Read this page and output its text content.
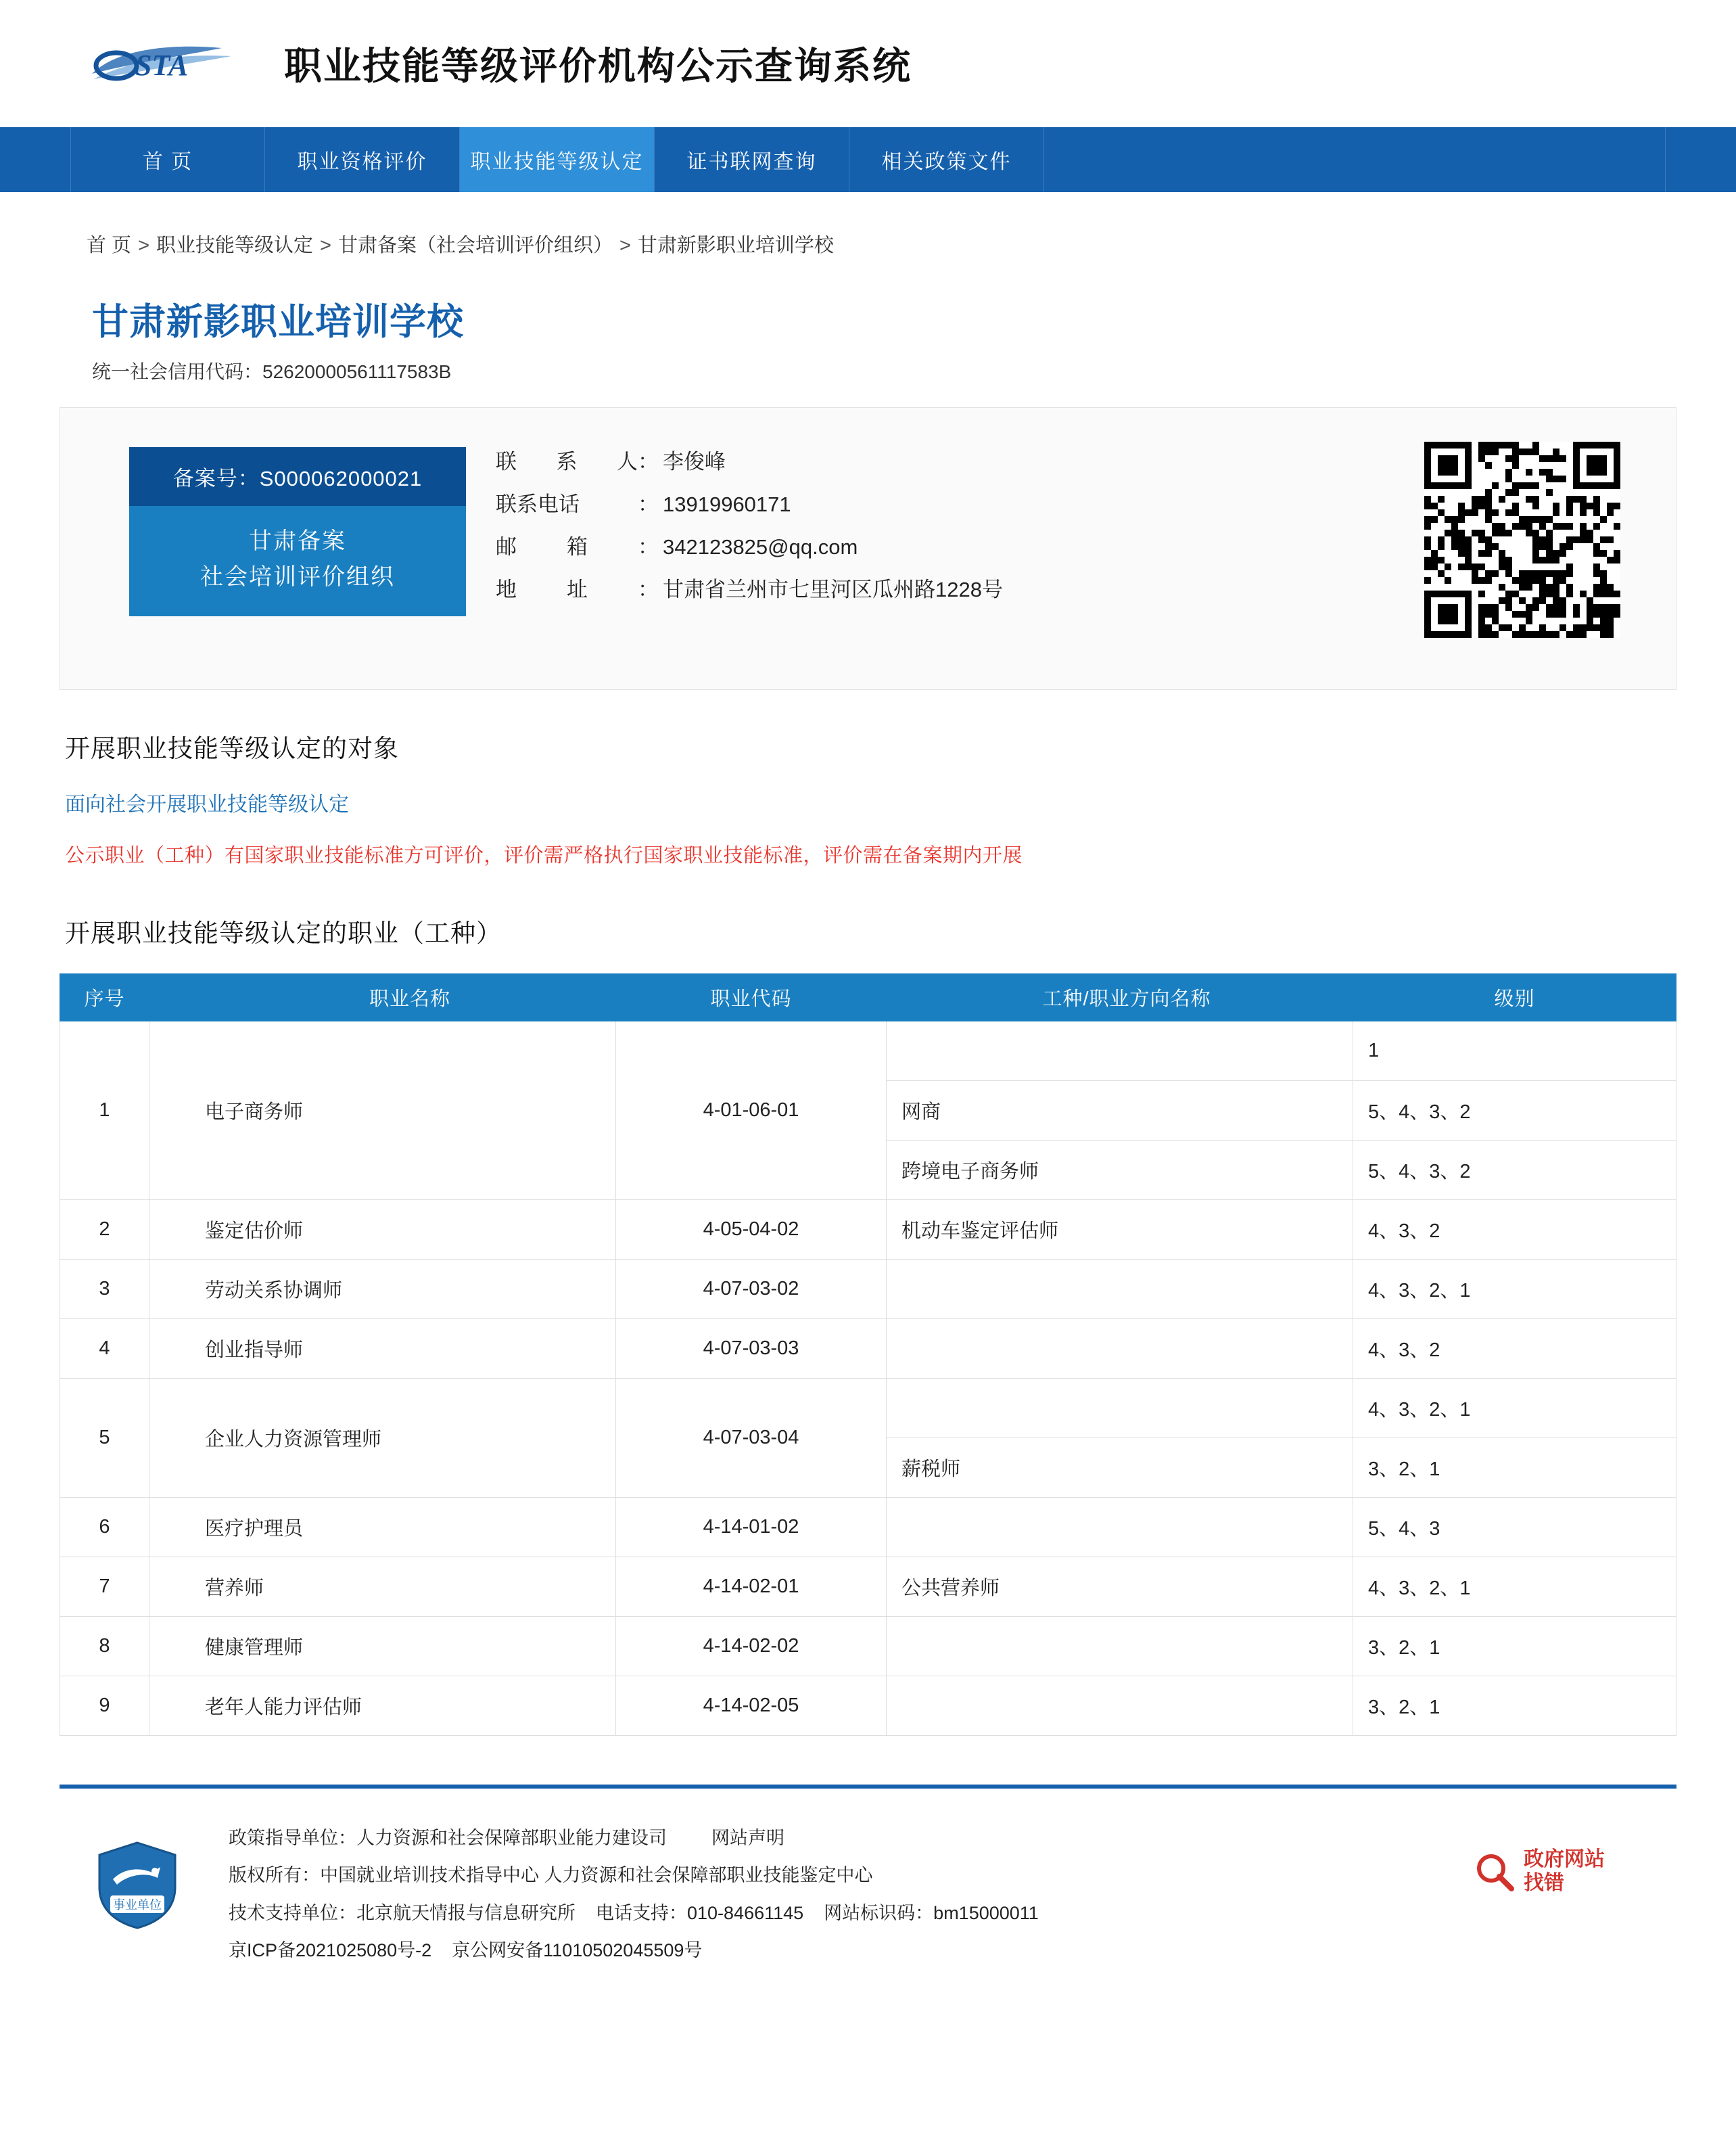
STA	职业技能等级评价机构公示查询系统
首 页	职业资格评价	职业技能等级认定	证书联网查询	相关政策文件
首 页 > 职业技能等级认定 > 甘肃备案（社会培训评价组织） > 甘肃新影职业培训学校
甘肃新影职业培训学校
统一社会信用代码：52620000561117583B
备案号：S000062000021
甘肃备案
社会培训评价组织
联 系 人 ： 李俊峰
联系电话	： 13919960171
邮 箱 ： 342123825@qq.com
地 址 ： 甘肃省兰州市七里河区瓜州路1228号
开展职业技能等级认定的对象
面向社会开展职业技能等级认定
公示职业（工种）有国家职业技能标准方可评价，评价需严格执行国家职业技能标准，评价需在备案期内开展
开展职业技能等级认定的职业（工种）
序号	职业名称	职业代码	工种/职业方向名称	级别
1	电子商务师	4-01-06-01		1
			网商	5、4、3、2
			跨境电子商务师	5、4、3、2
2	鉴定估价师	4-05-04-02	机动车鉴定评估师	4、3、2
3	劳动关系协调师	4-07-03-02		4、3、2、1
4	创业指导师	4-07-03-03		4、3、2
5	企业人力资源管理师	4-07-03-04		4、3、2、1
			薪税师	3、2、1
6	医疗护理员	4-14-01-02		5、4、3
7	营养师	4-14-02-01	公共营养师	4、3、2、1
8	健康管理师	4-14-02-02		3、2、1
9	老年人能力评估师	4-14-02-05		3、2、1
事业单位
政策指导单位：人力资源和社会保障部职业能力建设司 网站声明
版权所有：中国就业培训技术指导中心 人力资源和社会保障部职业技能鉴定中心
技术支持单位：北京航天情报与信息研究所 电话支持：010-84661145 网站标识码：bm15000011
京ICP备2021025080号-2 京公网安备11010502045509号
政府网站
找错
